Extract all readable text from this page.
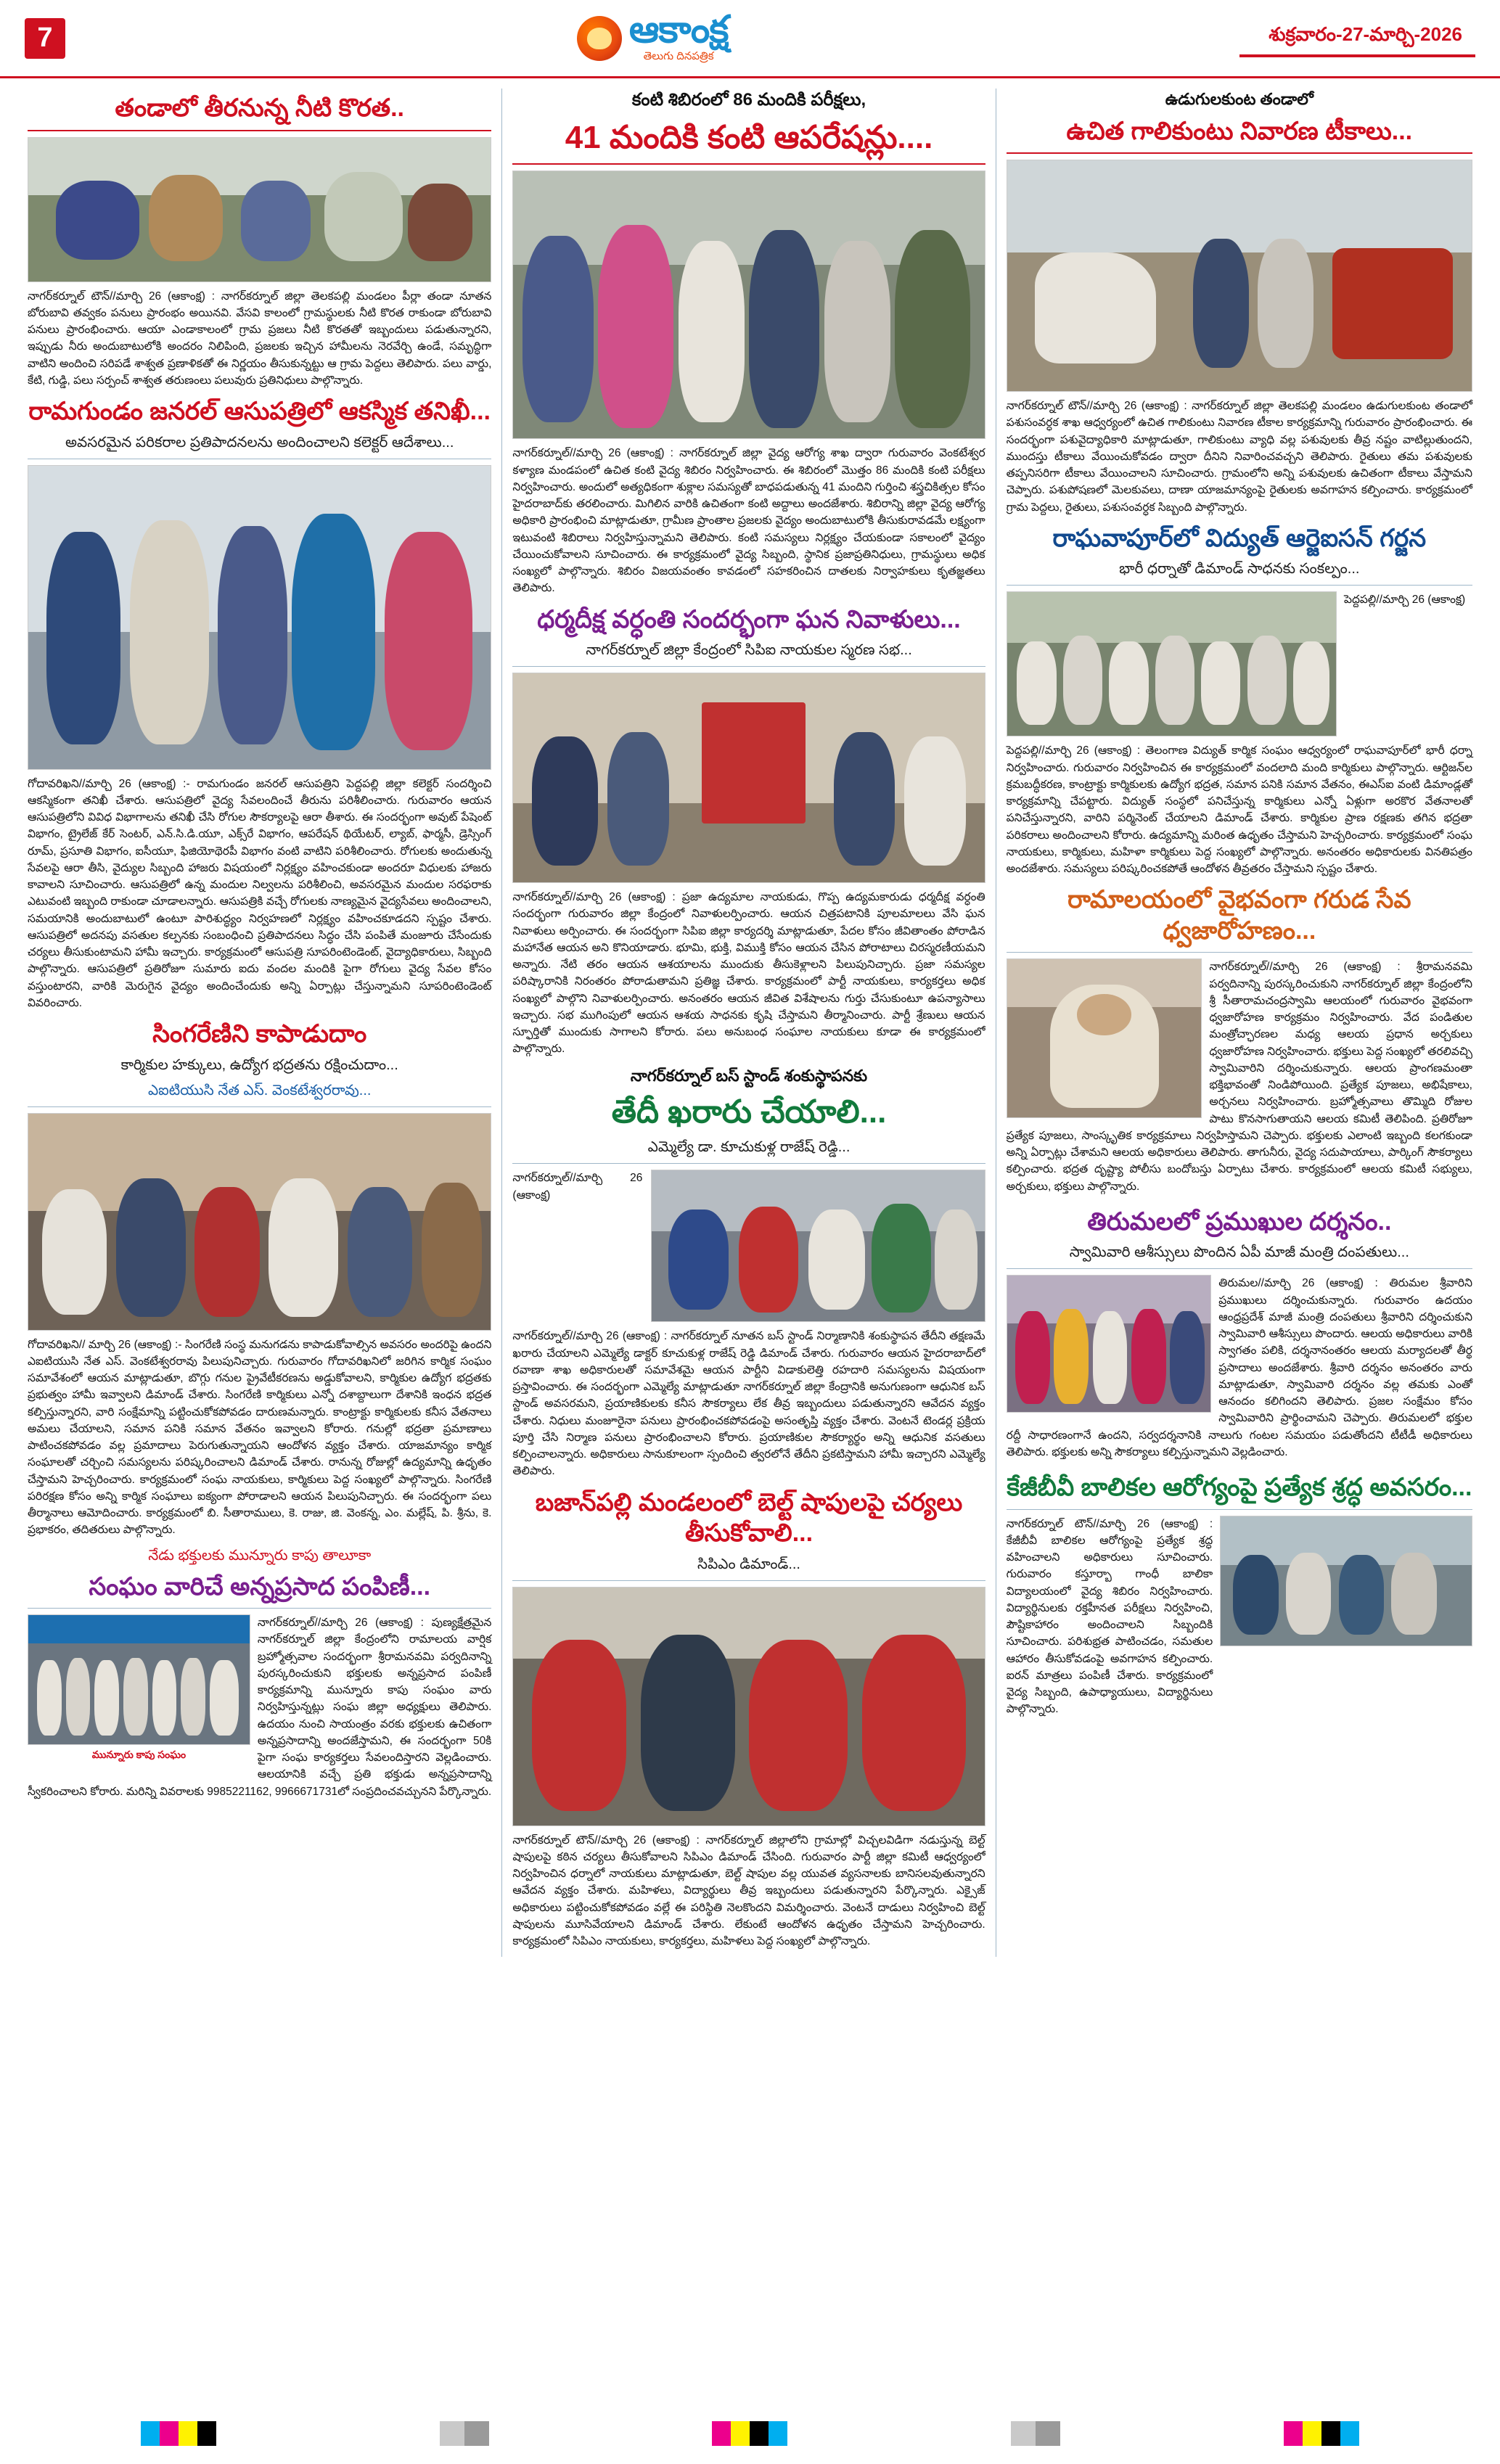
7	ఆకాంక్ష
తెలుగు దినపత్రిక
శుక్రవారం-27-మార్చి-2026
తండాలో తీరనున్న నీటి కొరత..
నాగర్‌కర్నూల్ టౌన్//మార్చి 26 (ఆకాంక్ష) : నాగర్‌కర్నూల్ జిల్లా తెలకపల్లి మండలం పీర్లా తండా నూతన బోరుబావి తవ్వకం పనులు ప్రారంభం అయినవి. వేసవి కాలంలో గ్రామస్థులకు నీటి కొరత రాకుండా బోరుబావి పనులు ప్రారంభించారు. ఆయా ఎండాకాలంలో గ్రామ ప్రజలు నీటి కొరతతో ఇబ్బందులు పడుతున్నారని, ఇప్పుడు నీరు అందుబాటులోకి అందరం నిలిపింది, ప్రజలకు ఇచ్చిన హామీలను నెరవేర్చి ఉండే, సమృద్ధిగా వాటిని అందించి సరిపడే శాశ్వత ప్రణాళికతో ఈ నిర్ణయం తీసుకున్నట్టు ఆ గ్రామ పెద్దలు తెలిపారు. పలు వార్డు, కేటి, గుడ్డి, పలు సర్పంచ్ శాశ్వత తరుణంలు పలువురు ప్రతినిధులు పాల్గొన్నారు.
రామగుండం జనరల్ ఆసుపత్రిలో ఆకస్మిక తనిఖీ...
అవసరమైన పరికరాల ప్రతిపాదనలను అందించాలని కలెక్టర్ ఆదేశాలు...
గోదావరిఖని//మార్చి 26 (ఆకాంక్ష) :- రామగుండం జనరల్ ఆసుపత్రిని పెద్దపల్లి జిల్లా కలెక్టర్ సందర్శించి ఆకస్మికంగా తనిఖీ చేశారు. ఆసుపత్రిలో వైద్య సేవలందించే తీరును పరిశీలించారు. గురువారం ఆయన ఆసుపత్రిలోని వివిధ విభాగాలను తనిఖీ చేసి రోగుల సౌకర్యాలపై ఆరా తీశారు. ఈ సందర్భంగా అవుట్ పేషెంట్ విభాగం, ట్రైలేజ్ కేర్ సెంటర్, ఎన్.సి.డి.యూ, ఎక్స్‌రే విభాగం, ఆపరేషన్ థియేటర్, ల్యాబ్, ఫార్మసీ, డ్రెస్సింగ్ రూమ్, ప్రసూతి విభాగం, ఐసీయూ, ఫిజియోథెరపీ విభాగం వంటి వాటిని పరిశీలించారు. రోగులకు అందుతున్న సేవలపై ఆరా తీసి, వైద్యుల సిబ్బంది హాజరు విషయంలో నిర్లక్ష్యం వహించకుండా అందరూ విధులకు హాజరు కావాలని సూచించారు. ఆసుపత్రిలో ఉన్న మందుల నిల్వలను పరిశీలించి, అవసరమైన మందుల సరఫరాకు ఎటువంటి ఇబ్బంది రాకుండా చూడాలన్నారు. ఆసుపత్రికి వచ్చే రోగులకు నాణ్యమైన వైద్యసేవలు అందించాలని, సమయానికి అందుబాటులో ఉంటూ పారిశుద్ధ్యం నిర్వహణలో నిర్లక్ష్యం వహించకూడదని స్పష్టం చేశారు. ఆసుపత్రిలో అదనపు వసతుల కల్పనకు సంబంధించి ప్రతిపాదనలు సిద్ధం చేసి పంపితే మంజూరు చేసేందుకు చర్యలు తీసుకుంటామని హామీ ఇచ్చారు. కార్యక్రమంలో ఆసుపత్రి సూపరింటెండెంట్, వైద్యాధికారులు, సిబ్బంది పాల్గొన్నారు. ఆసుపత్రిలో ప్రతిరోజూ సుమారు ఐదు వందల మందికి పైగా రోగులు వైద్య సేవల కోసం వస్తుంటారని, వారికి మెరుగైన వైద్యం అందించేందుకు అన్ని ఏర్పాట్లు చేస్తున్నామని సూపరింటెండెంట్ వివరించారు.
సింగరేణిని కాపాడుదాం
కార్మికుల హక్కులు, ఉద్యోగ భద్రతను రక్షించుదాం...
ఎఐటియుసి నేత ఎస్. వెంకటేశ్వరరావు...
గోదావరిఖని// మార్చి 26 (ఆకాంక్ష) :- సింగరేణి సంస్థ మనుగడను కాపాడుకోవాల్సిన అవసరం అందరిపై ఉందని ఎఐటియుసి నేత ఎస్. వెంకటేశ్వరరావు పిలుపునిచ్చారు. గురువారం గోదావరిఖనిలో జరిగిన కార్మిక సంఘం సమావేశంలో ఆయన మాట్లాడుతూ, బొగ్గు గనుల ప్రైవేటీకరణను అడ్డుకోవాలని, కార్మికుల ఉద్యోగ భద్రతకు ప్రభుత్వం హామీ ఇవ్వాలని డిమాండ్ చేశారు. సింగరేణి కార్మికులు ఎన్నో దశాబ్దాలుగా దేశానికి ఇంధన భద్రత కల్పిస్తున్నారని, వారి సంక్షేమాన్ని పట్టించుకోకపోవడం దారుణమన్నారు. కాంట్రాక్టు కార్మికులకు కనీస వేతనాలు అమలు చేయాలని, సమాన పనికి సమాన వేతనం ఇవ్వాలని కోరారు. గనుల్లో భద్రతా ప్రమాణాలు పాటించకపోవడం వల్ల ప్రమాదాలు పెరుగుతున్నాయని ఆందోళన వ్యక్తం చేశారు. యాజమాన్యం కార్మిక సంఘాలతో చర్చించి సమస్యలను పరిష్కరించాలని డిమాండ్ చేశారు. రానున్న రోజుల్లో ఉద్యమాన్ని ఉధృతం చేస్తామని హెచ్చరించారు. కార్యక్రమంలో సంఘ నాయకులు, కార్మికులు పెద్ద సంఖ్యలో పాల్గొన్నారు. సింగరేణి పరిరక్షణ కోసం అన్ని కార్మిక సంఘాలు ఐక్యంగా పోరాడాలని ఆయన పిలుపునిచ్చారు. ఈ సందర్భంగా పలు తీర్మానాలు ఆమోదించారు. కార్యక్రమంలో బి. సీతారాములు, కె. రాజు, జి. వెంకన్న, ఎం. మల్లేష్, పి. శ్రీను, కె. ప్రభాకరం, తదితరులు పాల్గొన్నారు.
నేడు భక్తులకు మున్నూరు కాపు తాలూకా
సంఘం వారిచే అన్నప్రసాద పంపిణీ...
మున్నూరు కాపు సంఘం
నాగర్‌కర్నూల్//మార్చి 26 (ఆకాంక్ష) : పుణ్యక్షేత్రమైన నాగర్‌కర్నూల్ జిల్లా కేంద్రంలోని రామాలయ వార్షిక బ్రహ్మోత్సవాల సందర్భంగా శ్రీరామనవమి పర్వదినాన్ని పురస్కరించుకుని భక్తులకు అన్నప్రసాద పంపిణీ కార్యక్రమాన్ని మున్నూరు కాపు సంఘం వారు నిర్వహిస్తున్నట్లు సంఘ జిల్లా అధ్యక్షులు తెలిపారు. ఉదయం నుంచి సాయంత్రం వరకు భక్తులకు ఉచితంగా అన్నప్రసాదాన్ని అందజేస్తామని, ఈ సందర్భంగా 50కి పైగా సంఘ కార్యకర్తలు సేవలందిస్తారని వెల్లడించారు. ఆలయానికి వచ్చే ప్రతి భక్తుడు అన్నప్రసాదాన్ని స్వీకరించాలని కోరారు. మరిన్ని వివరాలకు 9985221162, 9966671731లో సంప్రదించవచ్చునని పేర్కొన్నారు.
కంటి శిబిరంలో 86 మందికి పరీక్షలు,
41 మందికి కంటి ఆపరేషన్లు....
నాగర్‌కర్నూల్//మార్చి 26 (ఆకాంక్ష) : నాగర్‌కర్నూల్ జిల్లా వైద్య ఆరోగ్య శాఖ ద్వారా గురువారం వెంకటేశ్వర కళ్యాణ మండపంలో ఉచిత కంటి వైద్య శిబిరం నిర్వహించారు. ఈ శిబిరంలో మొత్తం 86 మందికి కంటి పరీక్షలు నిర్వహించారు. అందులో అత్యధికంగా శుక్లాల సమస్యతో బాధపడుతున్న 41 మందిని గుర్తించి శస్త్రచికిత్సల కోసం హైదరాబాద్‌కు తరలించారు. మిగిలిన వారికి ఉచితంగా కంటి అద్దాలు అందజేశారు. శిబిరాన్ని జిల్లా వైద్య ఆరోగ్య అధికారి ప్రారంభించి మాట్లాడుతూ, గ్రామీణ ప్రాంతాల ప్రజలకు వైద్యం అందుబాటులోకి తీసుకురావడమే లక్ష్యంగా ఇటువంటి శిబిరాలు నిర్వహిస్తున్నామని తెలిపారు. కంటి సమస్యలు నిర్లక్ష్యం చేయకుండా సకాలంలో వైద్యం చేయించుకోవాలని సూచించారు. ఈ కార్యక్రమంలో వైద్య సిబ్బంది, స్థానిక ప్రజాప్రతినిధులు, గ్రామస్థులు అధిక సంఖ్యలో పాల్గొన్నారు. శిబిరం విజయవంతం కావడంలో సహకరించిన దాతలకు నిర్వాహకులు కృతజ్ఞతలు తెలిపారు.
ధర్మదీక్ష వర్ధంతి సందర్భంగా ఘన నివాళులు...
నాగర్‌కర్నూల్ జిల్లా కేంద్రంలో సిపిఐ నాయకుల స్మరణ సభ...
నాగర్‌కర్నూల్//మార్చి 26 (ఆకాంక్ష) : ప్రజా ఉద్యమాల నాయకుడు, గొప్ప ఉద్యమకారుడు ధర్మదీక్ష వర్ధంతి సందర్భంగా గురువారం జిల్లా కేంద్రంలో నివాళులర్పించారు. ఆయన చిత్రపటానికి పూలమాలలు వేసి ఘన నివాళులు అర్పించారు. ఈ సందర్భంగా సిపిఐ జిల్లా కార్యదర్శి మాట్లాడుతూ, పేదల కోసం జీవితాంతం పోరాడిన మహానేత ఆయన అని కొనియాడారు. భూమి, భుక్తి, విముక్తి కోసం ఆయన చేసిన పోరాటాలు చిరస్మరణీయమని అన్నారు. నేటి తరం ఆయన ఆశయాలను ముందుకు తీసుకెళ్లాలని పిలుపునిచ్చారు. ప్రజా సమస్యల పరిష్కారానికి నిరంతరం పోరాడుతామని ప్రతిజ్ఞ చేశారు. కార్యక్రమంలో పార్టీ నాయకులు, కార్యకర్తలు అధిక సంఖ్యలో పాల్గొని నివాళులర్పించారు. అనంతరం ఆయన జీవిత విశేషాలను గుర్తు చేసుకుంటూ ఉపన్యాసాలు ఇచ్చారు. సభ ముగింపులో ఆయన ఆశయ సాధనకు కృషి చేస్తామని తీర్మానించారు. పార్టీ శ్రేణులు ఆయన స్ఫూర్తితో ముందుకు సాగాలని కోరారు. పలు అనుబంధ సంఘాల నాయకులు కూడా ఈ కార్యక్రమంలో పాల్గొన్నారు.
నాగర్‌కర్నూల్ బస్ స్టాండ్ శంకుస్థాపనకు
తేదీ ఖరారు చేయాలి...
ఎమ్మెల్యే డా. కూచుకుళ్ల రాజేష్ రెడ్డి...
నాగర్‌కర్నూల్//మార్చి 26 (ఆకాంక్ష)
నాగర్‌కర్నూల్//మార్చి 26 (ఆకాంక్ష) : నాగర్‌కర్నూల్ నూతన బస్ స్టాండ్ నిర్మాణానికి శంకుస్థాపన తేదీని తక్షణమే ఖరారు చేయాలని ఎమ్మెల్యే డాక్టర్ కూచుకుళ్ల రాజేష్ రెడ్డి డిమాండ్ చేశారు. గురువారం ఆయన హైదరాబాద్‌లో రవాణా శాఖ అధికారులతో సమావేశమై ఆయన పార్టీని విడాకులెత్తి రహదారి సమస్యలను విషయంగా ప్రస్తావించారు. ఈ సందర్భంగా ఎమ్మెల్యే మాట్లాడుతూ నాగర్‌కర్నూల్ జిల్లా కేంద్రానికి అనుగుణంగా ఆధునిక బస్ స్టాండ్ అవసరమని, ప్రయాణికులకు కనీస సౌకర్యాలు లేక తీవ్ర ఇబ్బందులు పడుతున్నారని ఆవేదన వ్యక్తం చేశారు. నిధులు మంజూరైనా పనులు ప్రారంభించకపోవడంపై అసంతృప్తి వ్యక్తం చేశారు. వెంటనే టెండర్ల ప్రక్రియ పూర్తి చేసి నిర్మాణ పనులు ప్రారంభించాలని కోరారు. ప్రయాణికుల సౌకర్యార్థం అన్ని ఆధునిక వసతులు కల్పించాలన్నారు. అధికారులు సానుకూలంగా స్పందించి త్వరలోనే తేదీని ప్రకటిస్తామని హామీ ఇచ్చారని ఎమ్మెల్యే తెలిపారు.
బజాన్‌పల్లి మండలంలో బెల్ట్ షాపులపై చర్యలు తీసుకోవాలి...
సిపిఎం డిమాండ్...
నాగర్‌కర్నూల్ టౌన్//మార్చి 26 (ఆకాంక్ష) : నాగర్‌కర్నూల్ జిల్లాలోని గ్రామాల్లో విచ్చలవిడిగా నడుస్తున్న బెల్ట్ షాపులపై కఠిన చర్యలు తీసుకోవాలని సిపిఎం డిమాండ్ చేసింది. గురువారం పార్టీ జిల్లా కమిటీ ఆధ్వర్యంలో నిర్వహించిన ధర్నాలో నాయకులు మాట్లాడుతూ, బెల్ట్ షాపుల వల్ల యువత వ్యసనాలకు బానిసలవుతున్నారని ఆవేదన వ్యక్తం చేశారు. మహిళలు, విద్యార్థులు తీవ్ర ఇబ్బందులు పడుతున్నారని పేర్కొన్నారు. ఎక్సైజ్ అధికారులు పట్టించుకోకపోవడం వల్లే ఈ పరిస్థితి నెలకొందని విమర్శించారు. వెంటనే దాడులు నిర్వహించి బెల్ట్ షాపులను మూసివేయాలని డిమాండ్ చేశారు. లేకుంటే ఆందోళన ఉధృతం చేస్తామని హెచ్చరించారు. కార్యక్రమంలో సిపిఎం నాయకులు, కార్యకర్తలు, మహిళలు పెద్ద సంఖ్యలో పాల్గొన్నారు.
ఉడుగులకుంట తండాలో
ఉచిత గాలికుంటు నివారణ టీకాలు...
నాగర్‌కర్నూల్ టౌన్//మార్చి 26 (ఆకాంక్ష) : నాగర్‌కర్నూల్ జిల్లా తెలకపల్లి మండలం ఉడుగులకుంట తండాలో పశుసంవర్ధక శాఖ ఆధ్వర్యంలో ఉచిత గాలికుంటు నివారణ టీకాల కార్యక్రమాన్ని గురువారం ప్రారంభించారు. ఈ సందర్భంగా పశువైద్యాధికారి మాట్లాడుతూ, గాలికుంటు వ్యాధి వల్ల పశువులకు తీవ్ర నష్టం వాటిల్లుతుందని, ముందస్తు టీకాలు వేయించుకోవడం ద్వారా దీనిని నివారించవచ్చని తెలిపారు. రైతులు తమ పశువులకు తప్పనిసరిగా టీకాలు వేయించాలని సూచించారు. గ్రామంలోని అన్ని పశువులకు ఉచితంగా టీకాలు వేస్తామని చెప్పారు. పశుపోషణలో మెలకువలు, దాణా యాజమాన్యంపై రైతులకు అవగాహన కల్పించారు. కార్యక్రమంలో గ్రామ పెద్దలు, రైతులు, పశుసంవర్ధక సిబ్బంది పాల్గొన్నారు.
రాఘవాపూర్‌లో విద్యుత్ ఆర్జెఐసన్ గర్జన
భారీ ధర్నాతో డిమాండ్ సాధనకు సంకల్పం...
పెద్దపల్లి//మార్చి 26 (ఆకాంక్ష)
పెద్దపల్లి//మార్చి 26 (ఆకాంక్ష) : తెలంగాణ విద్యుత్ కార్మిక సంఘం ఆధ్వర్యంలో రాఘవాపూర్‌లో భారీ ధర్నా నిర్వహించారు. గురువారం నిర్వహించిన ఈ కార్యక్రమంలో వందలాది మంది కార్మికులు పాల్గొన్నారు. ఆర్టిజన్‌ల క్రమబద్ధీకరణ, కాంట్రాక్టు కార్మికులకు ఉద్యోగ భద్రత, సమాన పనికి సమాన వేతనం, ఈఎస్ఐ వంటి డిమాండ్లతో కార్యక్రమాన్ని చేపట్టారు. విద్యుత్ సంస్థలో పనిచేస్తున్న కార్మికులు ఎన్నో ఏళ్లుగా అరకొర వేతనాలతో పనిచేస్తున్నారని, వారిని పర్మినెంట్ చేయాలని డిమాండ్ చేశారు. కార్మికుల ప్రాణ రక్షణకు తగిన భద్రతా పరికరాలు అందించాలని కోరారు. ఉద్యమాన్ని మరింత ఉధృతం చేస్తామని హెచ్చరించారు. కార్యక్రమంలో సంఘ నాయకులు, కార్మికులు, మహిళా కార్మికులు పెద్ద సంఖ్యలో పాల్గొన్నారు. అనంతరం అధికారులకు వినతిపత్రం అందజేశారు. సమస్యలు పరిష్కరించకపోతే ఆందోళన తీవ్రతరం చేస్తామని స్పష్టం చేశారు.
రామాలయంలో వైభవంగా గరుడ సేవ ధ్వజారోహణం...
నాగర్‌కర్నూల్//మార్చి 26 (ఆకాంక్ష) : శ్రీరామనవమి పర్వదినాన్ని పురస్కరించుకుని నాగర్‌కర్నూల్ జిల్లా కేంద్రంలోని శ్రీ సీతారామచంద్రస్వామి ఆలయంలో గురువారం వైభవంగా ధ్వజారోహణ కార్యక్రమం నిర్వహించారు. వేద పండితుల మంత్రోచ్ఛారణల మధ్య ఆలయ ప్రధాన అర్చకులు ధ్వజారోహణ నిర్వహించారు. భక్తులు పెద్ద సంఖ్యలో తరలివచ్చి స్వామివారిని దర్శించుకున్నారు. ఆలయ ప్రాంగణమంతా భక్తిభావంతో నిండిపోయింది. ప్రత్యేక పూజలు, అభిషేకాలు, అర్చనలు నిర్వహించారు. బ్రహ్మోత్సవాలు తొమ్మిది రోజుల పాటు కొనసాగుతాయని ఆలయ కమిటీ తెలిపింది. ప్రతిరోజూ ప్రత్యేక పూజలు, సాంస్కృతిక కార్యక్రమాలు నిర్వహిస్తామని చెప్పారు. భక్తులకు ఎలాంటి ఇబ్బంది కలగకుండా అన్ని ఏర్పాట్లు చేశామని ఆలయ అధికారులు తెలిపారు. తాగునీరు, వైద్య సదుపాయాలు, పార్కింగ్ సౌకర్యాలు కల్పించారు. భద్రత దృష్ట్యా పోలీసు బందోబస్తు ఏర్పాటు చేశారు. కార్యక్రమంలో ఆలయ కమిటీ సభ్యులు, అర్చకులు, భక్తులు పాల్గొన్నారు.
తిరుమలలో ప్రముఖుల దర్శనం..
స్వామివారి ఆశీస్సులు పొందిన ఏపీ మాజీ మంత్రి దంపతులు...
తిరుమల//మార్చి 26 (ఆకాంక్ష) : తిరుమల శ్రీవారిని ప్రముఖులు దర్శించుకున్నారు. గురువారం ఉదయం ఆంధ్రప్రదేశ్ మాజీ మంత్రి దంపతులు శ్రీవారిని దర్శించుకుని స్వామివారి ఆశీస్సులు పొందారు. ఆలయ అధికారులు వారికి స్వాగతం పలికి, దర్శనానంతరం ఆలయ మర్యాదలతో తీర్థ ప్రసాదాలు అందజేశారు. శ్రీవారి దర్శనం అనంతరం వారు మాట్లాడుతూ, స్వామివారి దర్శనం వల్ల తమకు ఎంతో ఆనందం కలిగిందని తెలిపారు. ప్రజల సంక్షేమం కోసం స్వామివారిని ప్రార్థించామని చెప్పారు. తిరుమలలో భక్తుల రద్దీ సాధారణంగానే ఉందని, సర్వదర్శనానికి నాలుగు గంటల సమయం పడుతోందని టీటీడీ అధికారులు తెలిపారు. భక్తులకు అన్ని సౌకర్యాలు కల్పిస్తున్నామని వెల్లడించారు.
కేజీబీవీ బాలికల ఆరోగ్యంపై ప్రత్యేక శ్రద్ధ అవసరం...
నాగర్‌కర్నూల్ టౌన్//మార్చి 26 (ఆకాంక్ష) : కేజీబీవీ బాలికల ఆరోగ్యంపై ప్రత్యేక శ్రద్ధ వహించాలని అధికారులు సూచించారు. గురువారం కస్తూర్బా గాంధీ బాలికా విద్యాలయంలో వైద్య శిబిరం నిర్వహించారు. విద్యార్థినులకు రక్తహీనత పరీక్షలు నిర్వహించి, పౌష్టికాహారం అందించాలని సిబ్బందికి సూచించారు. పరిశుభ్రత పాటించడం, సమతుల ఆహారం తీసుకోవడంపై అవగాహన కల్పించారు. ఐరన్ మాత్రలు పంపిణీ చేశారు. కార్యక్రమంలో వైద్య సిబ్బంది, ఉపాధ్యాయులు, విద్యార్థినులు పాల్గొన్నారు.
